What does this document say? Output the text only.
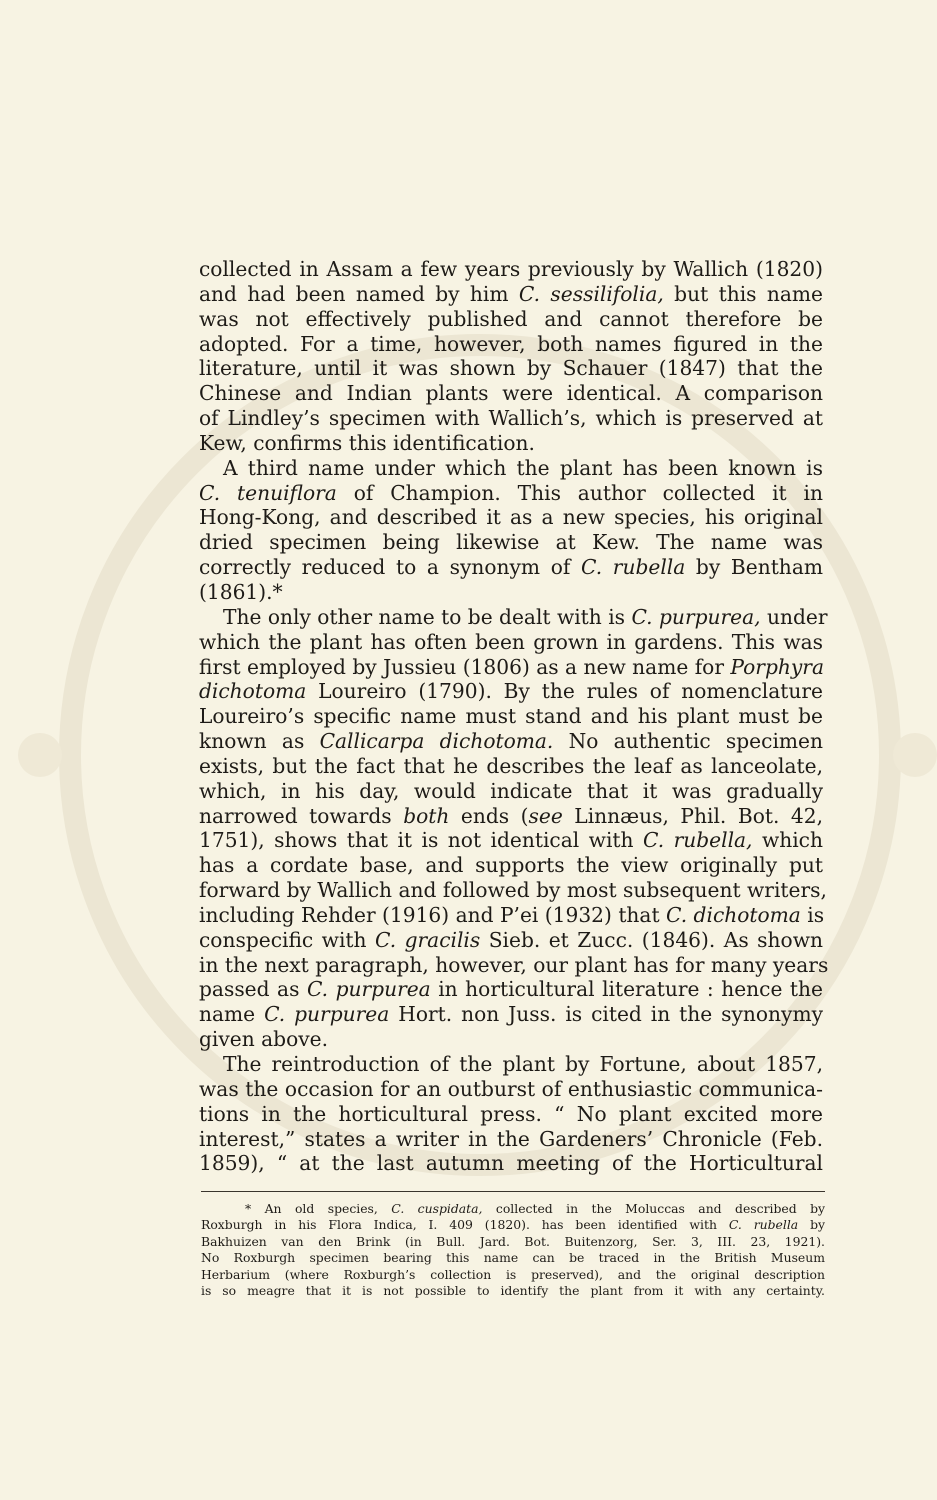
collected in Assam a few years previously by Wallich (1820)
and had been named by him C. sessilifolia, but this name
was not effectively published and cannot therefore be
adopted. For a time, however, both names figured in the
literature, until it was shown by Schauer (1847) that the
Chinese and Indian plants were identical. A comparison
of Lindley’s specimen with Wallich’s, which is preserved at
Kew, confirms this identification.
A third name under which the plant has been known is
C. tenuiflora of Champion. This author collected it in
Hong-Kong, and described it as a new species, his original
dried specimen being likewise at Kew. The name was
correctly reduced to a synonym of C. rubella by Bentham
(1861).*
The only other name to be dealt with is C. purpurea, under
which the plant has often been grown in gardens. This was
first employed by Jussieu (1806) as a new name for Porphyra
dichotoma Loureiro (1790). By the rules of nomenclature
Loureiro’s specific name must stand and his plant must be
known as Callicarpa dichotoma. No authentic specimen
exists, but the fact that he describes the leaf as lanceolate,
which, in his day, would indicate that it was gradually
narrowed towards both ends (see Linnæus, Phil. Bot. 42,
1751), shows that it is not identical with C. rubella, which
has a cordate base, and supports the view originally put
forward by Wallich and followed by most subsequent writers,
including Rehder (1916) and P’ei (1932) that C. dichotoma is
conspecific with C. gracilis Sieb. et Zucc. (1846). As shown
in the next paragraph, however, our plant has for many years
passed as C. purpurea in horticultural literature : hence the
name C. purpurea Hort. non Juss. is cited in the synonymy
given above.
The reintroduction of the plant by Fortune, about 1857,
was the occasion for an outburst of enthusiastic communica-
tions in the horticultural press. “ No plant excited more
interest,” states a writer in the Gardeners’ Chronicle (Feb.
1859), “ at the last autumn meeting of the Horticultural
* An old species, C. cuspidata, collected in the Moluccas and described by
Roxburgh in his Flora Indica, I. 409 (1820). has been identified with C. rubella by
Bakhuizen van den Brink (in Bull. Jard. Bot. Buitenzorg, Ser. 3, III. 23, 1921).
No Roxburgh specimen bearing this name can be traced in the British Museum
Herbarium (where Roxburgh’s collection is preserved), and the original description
is so meagre that it is not possible to identify the plant from it with any certainty.
